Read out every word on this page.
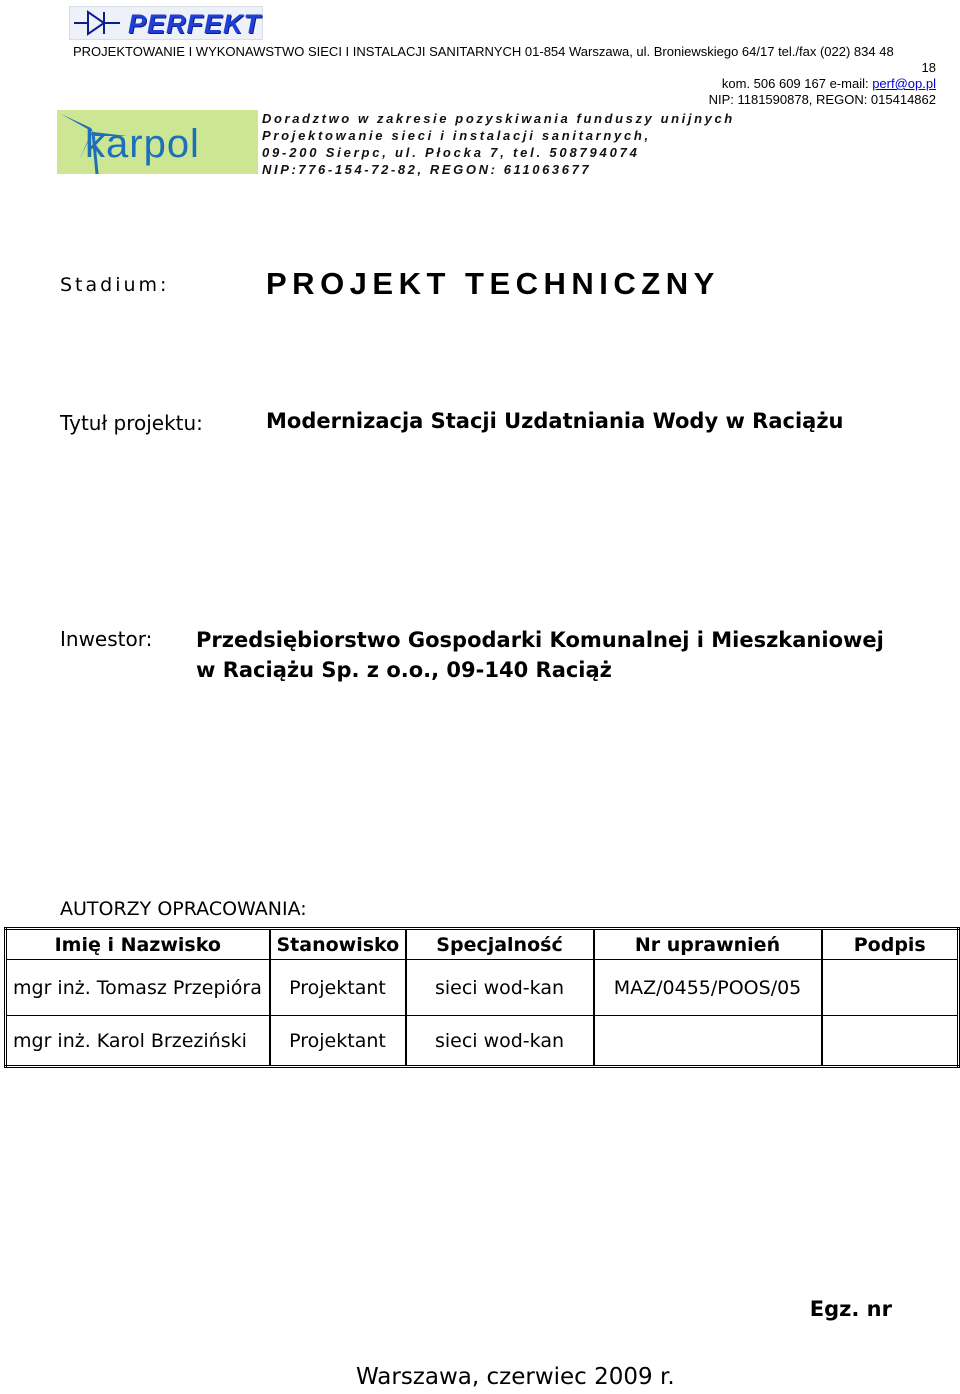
PERFEKT
PROJEKTOWANIE I WYKONAWSTWO SIECI I INSTALACJI SANITARNYCH 01-854 Warszawa, ul. Broniewskiego 64/17 tel./fax (022) 834 48
18
kom. 506 609 167 e-mail: perf@op.pl
NIP: 1181590878, REGON: 015414862
karpol
Doradztwo w zakresie pozyskiwania funduszy unijnych
Projektowanie sieci i instalacji sanitarnych,
09-200 Sierpc, ul. Płocka 7, tel. 508794074
NIP:776-154-72-82, REGON: 611063677
Stadium:	PROJEKT TECHNICZNY
Tytuł projektu:	Modernizacja Stacji Uzdatniania Wody w Raciążu
Inwestor: Przedsiębiorstwo Gospodarki Komunalnej i Mieszkaniowej
w Raciążu Sp. z o.o., 09-140 Raciąż
AUTORZY OPRACOWANIA:
Imię i Nazwisko	Stanowisko	Specjalność	Nr uprawnień	Podpis
mgr inż. Tomasz Przepióra	Projektant	sieci wod-kan	MAZ/0455/POOS/05	
mgr inż. Karol Brzeziński	Projektant	sieci wod-kan		
Egz. nr
Warszawa, czerwiec 2009 r.
